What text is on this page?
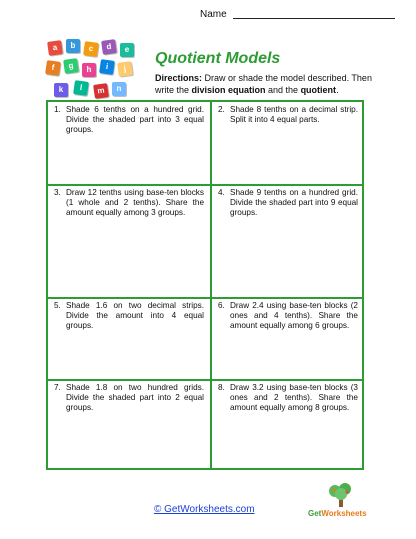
Name
a	b	c	d	e
f	g	h	i	j
k	l	m	n
Quotient Models
Directions: Draw or shade the model described. Then write the division equation and the quotient.
1. Shade 6 tenths on a hundred grid. Divide the shaded part into 3 equal groups.
2. Shade 8 tenths on a decimal strip. Split it into 4 equal parts.
3. Draw 12 tenths using base-ten blocks (1 whole and 2 tenths). Share the amount equally among 3 groups.
4. Shade 9 tenths on a hundred grid. Divide the shaded part into 9 equal groups.
5. Shade 1.6 on two decimal strips. Divide the amount into 4 equal groups.
6. Draw 2.4 using base-ten blocks (2 ones and 4 tenths). Share the amount equally among 6 groups.
7. Shade 1.8 on two hundred grids. Divide the shaded part into 2 equal groups.
8. Draw 3.2 using base-ten blocks (3 ones and 2 tenths). Share the amount equally among 8 groups.
© GetWorksheets.com	GetWorksheets
